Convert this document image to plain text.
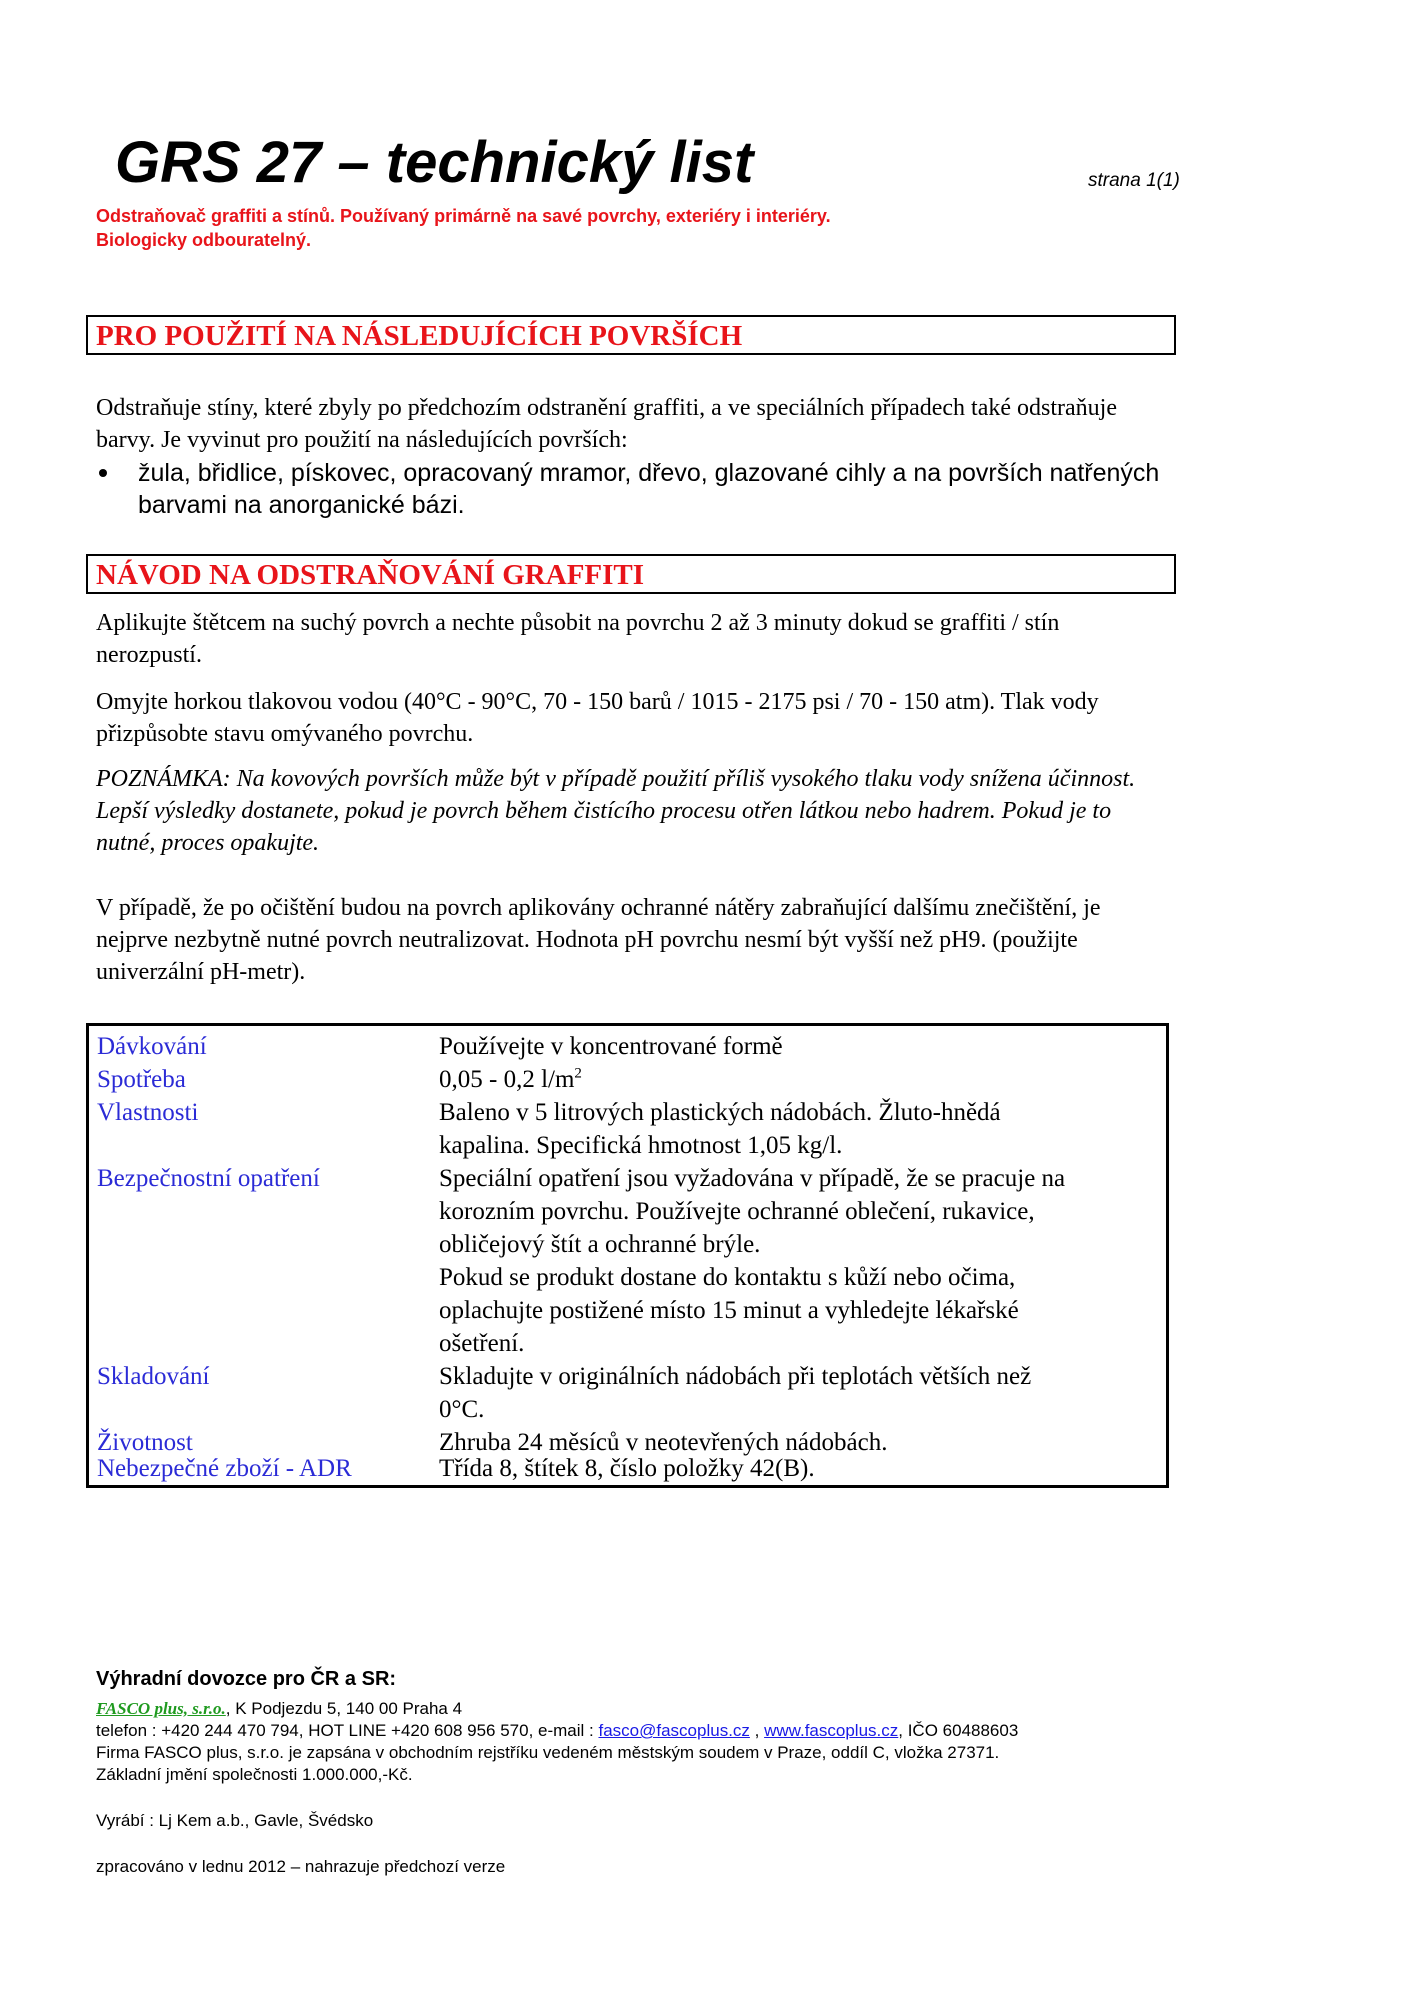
GRS 27 – technický list	strana 1(1)
Odstraňovač graffiti a stínů. Používaný primárně na savé povrchy, exteriéry i interiéry.
Biologicky odbouratelný.
PRO POUŽITÍ NA NÁSLEDUJÍCÍCH POVRŠÍCH
Odstraňuje stíny, které zbyly po předchozím odstranění graffiti, a ve speciálních případech také odstraňuje
barvy. Je vyvinut pro použití na následujících površích:
žula, břidlice, pískovec, opracovaný mramor, dřevo, glazované cihly a na površích natřených
barvami na anorganické bázi.
NÁVOD NA ODSTRAŇOVÁNÍ GRAFFITI
Aplikujte štětcem na suchý povrch a nechte působit na povrchu 2 až 3 minuty dokud se graffiti / stín
nerozpustí.
Omyjte horkou tlakovou vodou (40°C - 90°C, 70 - 150 barů / 1015 - 2175 psi / 70 - 150 atm). Tlak vody
přizpůsobte stavu omývaného povrchu.
POZNÁMKA: Na kovových površích může být v případě použití příliš vysokého tlaku vody snížena účinnost.
Lepší výsledky dostanete, pokud je povrch během čistícího procesu otřen látkou nebo hadrem. Pokud je to
nutné, proces opakujte.
V případě, že po očištění budou na povrch aplikovány ochranné nátěry zabraňující dalšímu znečištění, je
nejprve nezbytně nutné povrch neutralizovat. Hodnota pH povrchu nesmí být vyšší než pH9. (použijte
univerzální pH-metr).
Dávkování	Používejte v koncentrované formě
Spotřeba	0,05 - 0,2 $l/m^2$
Vlastnosti	Baleno v 5 litrových plastických nádobách. Žluto-hnědá
kapalina. Specifická hmotnost 1,05 kg/l.
Bezpečnostní opatření	Speciální opatření jsou vyžadována v případě, že se pracuje na
korozním povrchu. Používejte ochranné oblečení, rukavice,
obličejový štít a ochranné brýle.
Pokud se produkt dostane do kontaktu s kůží nebo očima,
oplachujte postižené místo 15 minut a vyhledejte lékařské
ošetření.
Skladování	Skladujte v originálních nádobách při teplotách větších než
0°C.
Životnost	Zhruba 24 měsíců v neotevřených nádobách.
Nebezpečné zboží - ADR	Třída 8, štítek 8, číslo položky 42(B).
Výhradní dovozce pro ČR a SR:
FASCO plus, s.r.o., K Podjezdu 5, 140 00 Praha 4
telefon : +420 244 470 794, HOT LINE +420 608 956 570, e-mail : fasco@fascoplus.cz , www.fascoplus.cz, IČO 60488603
Firma FASCO plus, s.r.o. je zapsána v obchodním rejstříku vedeném městským soudem v Praze, oddíl C, vložka 27371.
Základní jmění společnosti 1.000.000,-Kč.
Vyrábí : Lj Kem a.b., Gavle, Švédsko
zpracováno v lednu 2012 – nahrazuje předchozí verze
